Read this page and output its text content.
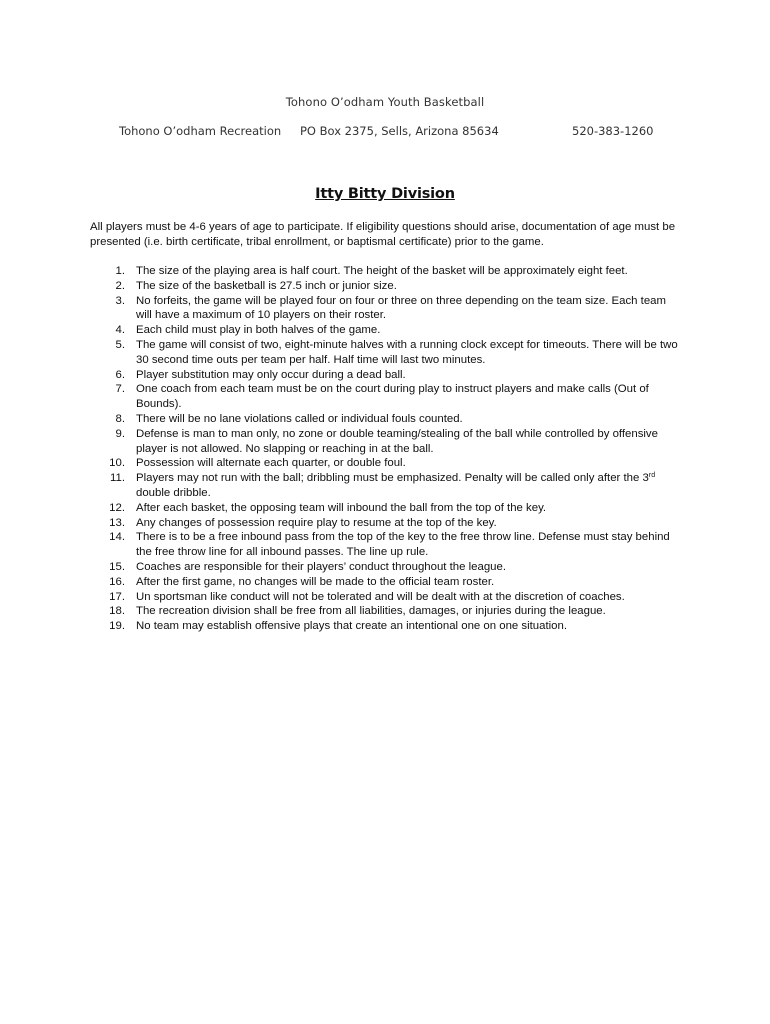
Tohono O’odham Youth Basketball
Tohono O’odham Recreation PO Box 2375, Sells, Arizona 85634	520-383-1260
Itty Bitty Division

All players must be 4-6 years of age to participate. If eligibility questions should arise, documentation of age must be presented (i.e. birth certificate, tribal enrollment, or baptismal certificate) prior to the game.

1. The size of the playing area is half court. The height of the basket will be approximately eight feet.
2. The size of the basketball is 27.5 inch or junior size.
3. No forfeits, the game will be played four on four or three on three depending on the team size. Each team will have a maximum of 10 players on their roster.
4. Each child must play in both halves of the game.
5. The game will consist of two, eight-minute halves with a running clock except for timeouts. There will be two 30 second time outs per team per half. Half time will last two minutes.
6. Player substitution may only occur during a dead ball.
7. One coach from each team must be on the court during play to instruct players and make calls (Out of Bounds).
8. There will be no lane violations called or individual fouls counted.
9. Defense is man to man only, no zone or double teaming/stealing of the ball while controlled by offensive player is not allowed. No slapping or reaching in at the ball.
10. Possession will alternate each quarter, or double foul.
11. Players may not run with the ball; dribbling must be emphasized. Penalty will be called only after the 3rd double dribble.
12. After each basket, the opposing team will inbound the ball from the top of the key.
13. Any changes of possession require play to resume at the top of the key.
14. There is to be a free inbound pass from the top of the key to the free throw line. Defense must stay behind the free throw line for all inbound passes. The line up rule.
15. Coaches are responsible for their players’ conduct throughout the league.
16. After the first game, no changes will be made to the official team roster.
17. Un sportsman like conduct will not be tolerated and will be dealt with at the discretion of coaches.
18. The recreation division shall be free from all liabilities, damages, or injuries during the league.
19. No team may establish offensive plays that create an intentional one on one situation.
